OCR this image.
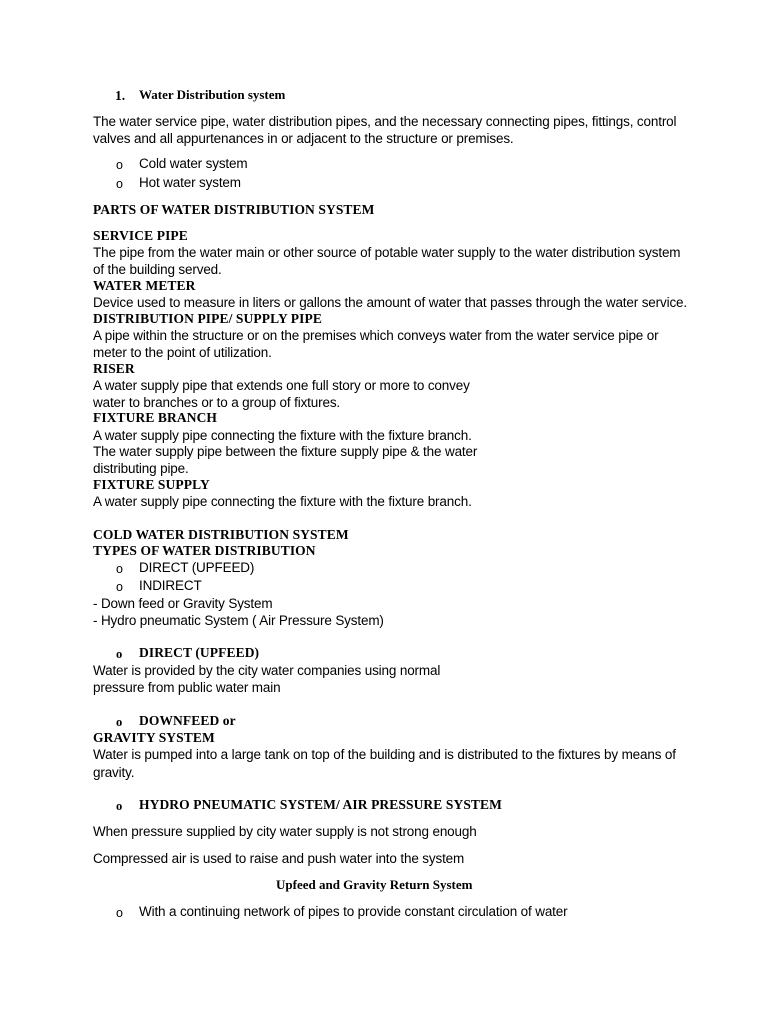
1. Water Distribution system
The water service pipe, water distribution pipes, and the necessary connecting pipes, fittings, control
valves and all appurtenances in or adjacent to the structure or premises.
o Cold water system
o Hot water system
PARTS OF WATER DISTRIBUTION SYSTEM
SERVICE PIPE
The pipe from the water main or other source of potable water supply to the water distribution system
of the building served.
WATER METER
Device used to measure in liters or gallons the amount of water that passes through the water service.
DISTRIBUTION PIPE/ SUPPLY PIPE
A pipe within the structure or on the premises which conveys water from the water service pipe or
meter to the point of utilization.
RISER
A water supply pipe that extends one full story or more to convey
water to branches or to a group of fixtures.
FIXTURE BRANCH
A water supply pipe connecting the fixture with the fixture branch.
The water supply pipe between the fixture supply pipe & the water
distributing pipe.
FIXTURE SUPPLY
A water supply pipe connecting the fixture with the fixture branch.
COLD WATER DISTRIBUTION SYSTEM
TYPES OF WATER DISTRIBUTION
o DIRECT (UPFEED)
o INDIRECT
- Down feed or Gravity System
- Hydro pneumatic System ( Air Pressure System)
o DIRECT (UPFEED)
Water is provided by the city water companies using normal
pressure from public water main
o DOWNFEED or
GRAVITY SYSTEM
Water is pumped into a large tank on top of the building and is distributed to the fixtures by means of
gravity.
o HYDRO PNEUMATIC SYSTEM/ AIR PRESSURE SYSTEM
When pressure supplied by city water supply is not strong enough
Compressed air is used to raise and push water into the system
Upfeed and Gravity Return System
o With a continuing network of pipes to provide constant circulation of water
